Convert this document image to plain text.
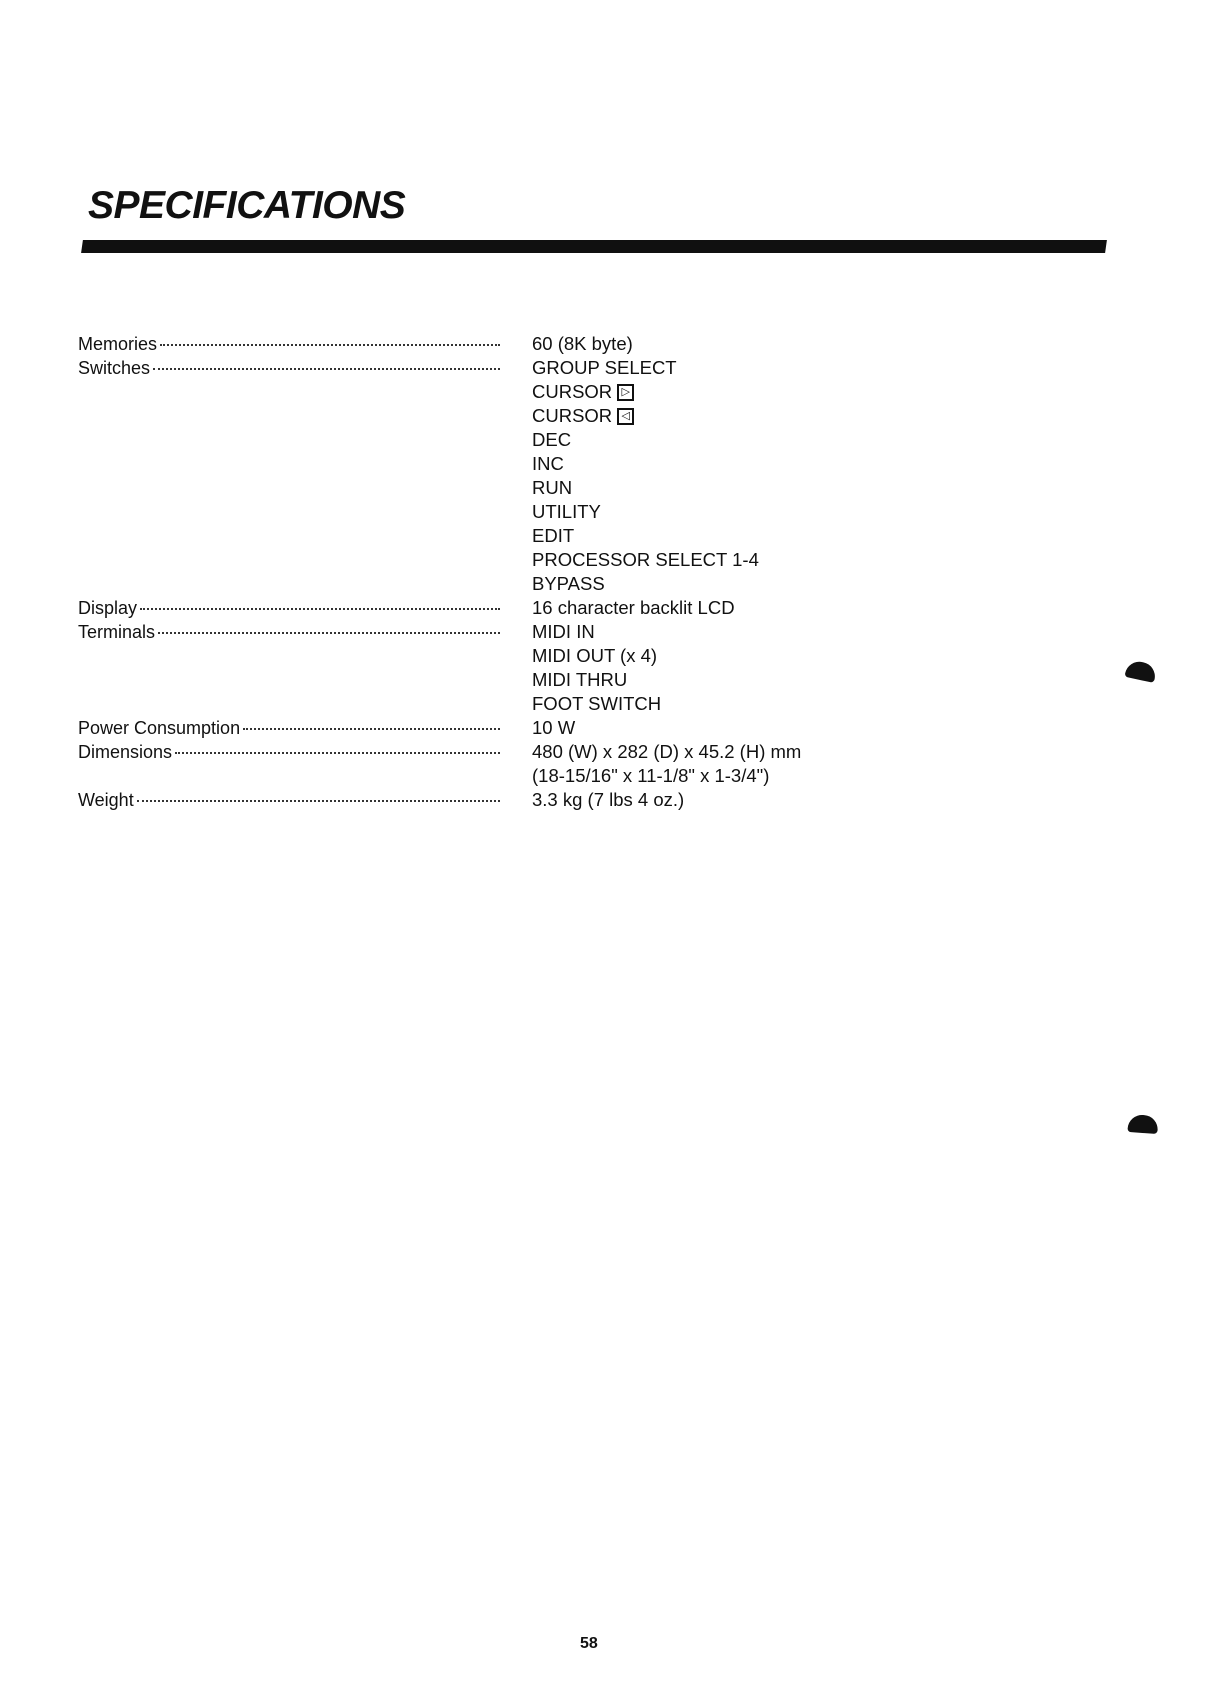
SPECIFICATIONS
Memories	60 (8K byte)
Switches	GROUP SELECT
CURSOR ▷
CURSOR ◁
DEC
INC
RUN
UTILITY
EDIT
PROCESSOR SELECT 1-4
BYPASS
Display	16 character backlit LCD
Terminals	MIDI IN
MIDI OUT (x 4)
MIDI THRU
FOOT SWITCH
Power Consumption	10 W
Dimensions	480 (W) x 282 (D) x 45.2 (H) mm
(18-15/16" x 11-1/8" x 1-3/4")
Weight	3.3 kg (7 lbs 4 oz.)
58
